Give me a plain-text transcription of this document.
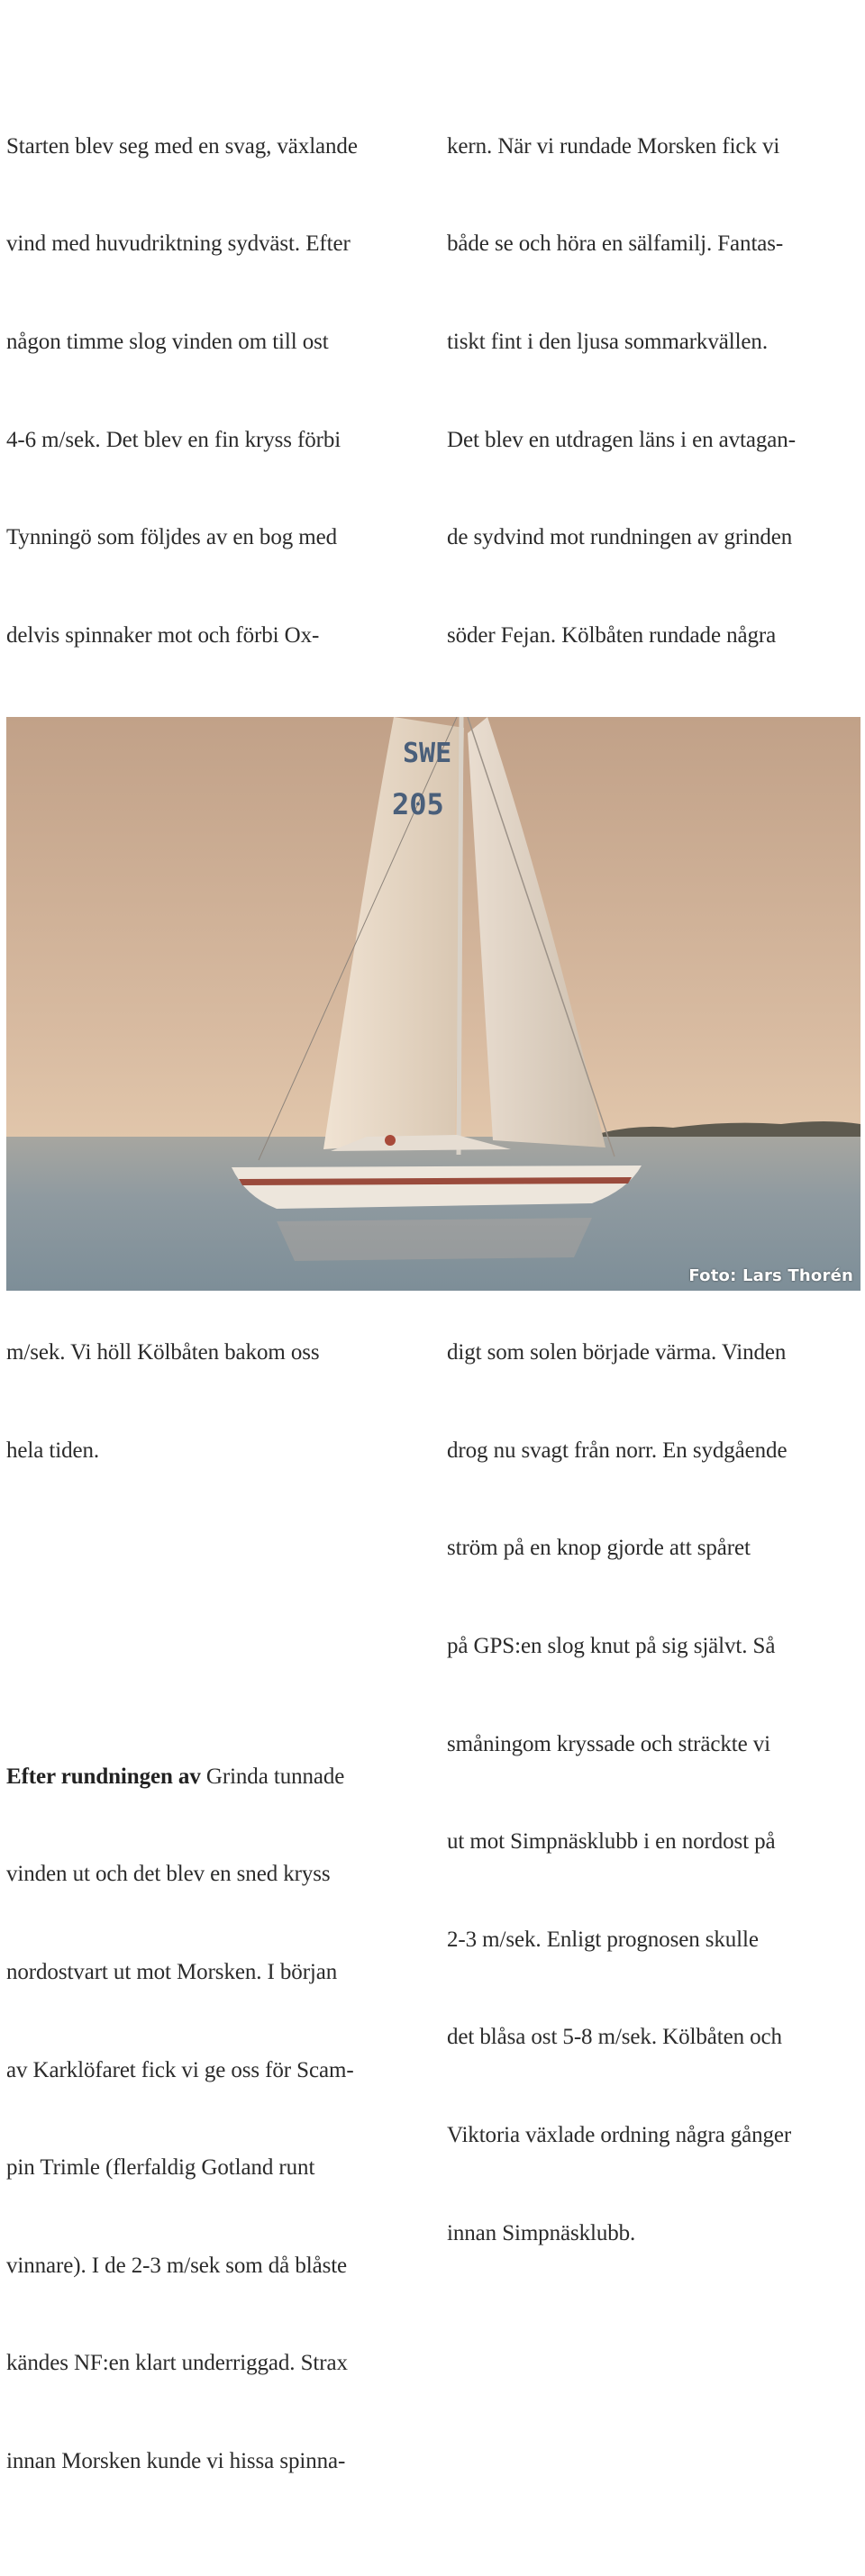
Starten blev seg med en svag, växlande

vind med huvudriktning sydväst. Efter

någon timme slog vinden om till ost

4-6 m/sek. Det blev en fin kryss förbi

Tynningö som följdes av en bog med

delvis spinnaker mot och förbi Ox-

m/sek. Vi höll Kölbåten bakom oss

hela tiden.

Efter rundningen av Grinda tunnade

vinden ut och det blev en sned kryss

nordostvart ut mot Morsken. I början

av Karklöfaret fick vi ge oss för Scam-

pin Trimle (flerfaldig Gotland runt

vinnare). I de 2-3 m/sek som då blåste

kändes NF:en klart underriggad. Strax

innan Morsken kunde vi hissa spinna-

kern. När vi rundade Morsken fick vi

både se och höra en sälfamilj. Fantas-

tiskt fint i den ljusa sommarkvällen.

Det blev en utdragen läns i en avtagan-

de sydvind mot rundningen av grinden

söder Fejan. Kölbåten rundade några

digt som solen började värma. Vinden

drog nu svagt från norr. En sydgående

ström på en knop gjorde att spåret

på GPS:en slog knut på sig självt. Så

småningom kryssade och sträckte vi

ut mot Simpnäsklubb i en nordost på

2-3 m/sek. Enligt prognosen skulle

det blåsa ost 5-8 m/sek. Kölbåten och

Viktoria växlade ordning några gånger

innan Simpnäsklubb.

SWE
205
Foto: Lars Thorén
